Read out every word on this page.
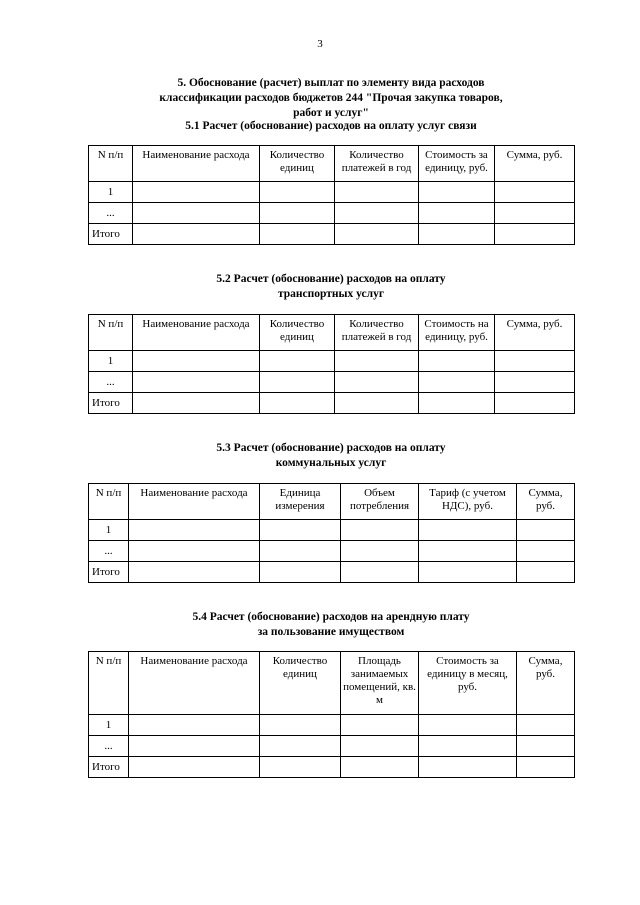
3
5. Обоснование (расчет) выплат по элементу вида расходов
классификации расходов бюджетов 244 "Прочая закупка товаров,
работ и услуг"
5.1 Расчет (обоснование) расходов на оплату услуг связи
N п/п	Наименование расхода	Количество единиц	Количество платежей в год	Стоимость за единицу, руб.	Сумма, руб.
1					
...					
Итого					
5.2 Расчет (обоснование) расходов на оплату
транспортных услуг
N п/п	Наименование расхода	Количество единиц	Количество платежей в год	Стоимость на единицу, руб.	Сумма, руб.
1					
...					
Итого					
5.3 Расчет (обоснование) расходов на оплату
коммунальных услуг
N п/п	Наименование расхода	Единица измерения	Объем потребления	Тариф (с учетом НДС), руб.	Сумма, руб.
1					
...					
Итого					
5.4 Расчет (обоснование) расходов на арендную плату
за пользование имуществом
N п/п	Наименование расхода	Количество единиц	Площадь занимаемых помещений, кв. м	Стоимость за единицу в месяц, руб.	Сумма, руб.
1					
...					
Итого					
